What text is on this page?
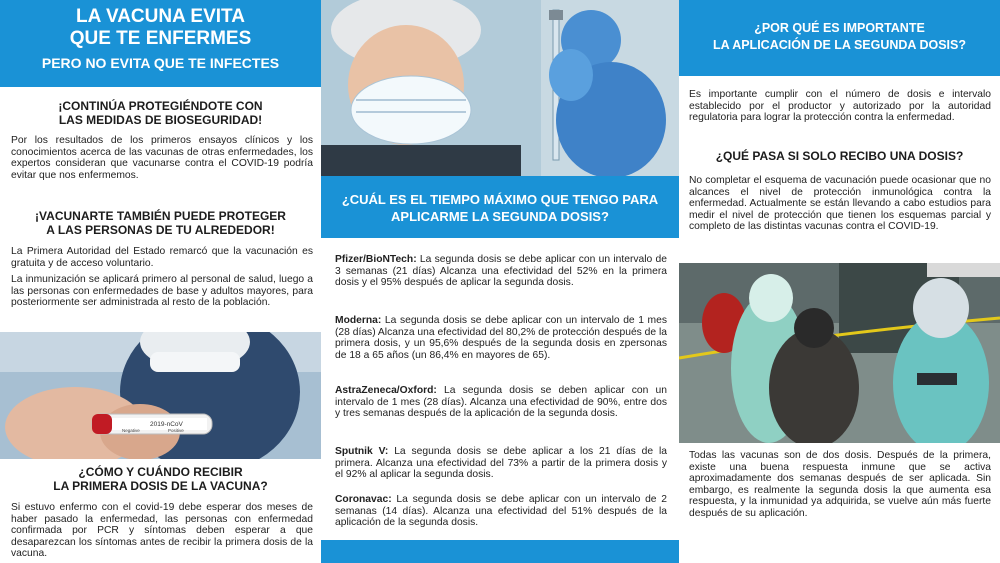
LA VACUNA EVITA
QUE TE ENFERMES
PERO NO EVITA QUE TE INFECTES
¡CONTINÚA PROTEGIÉNDOTE CON
LAS MEDIDAS DE BIOSEGURIDAD!
Por los resultados de los primeros ensayos clínicos y los conocimientos acerca de las vacunas de otras enfermedades, los expertos consideran que vacunarse contra el COVID-19 podría evitar que nos enfermemos.
¡VACUNARTE TAMBIÉN PUEDE PROTEGER
A LAS PERSONAS DE TU ALREDEDOR!
La Primera Autoridad del Estado remarcó que la vacunación es gratuita y de acceso voluntario.
La inmunización se aplicará primero al personal de salud, luego a las personas con enfermedades de base y adultos mayores, para posteriormente ser administrada al resto de la población.
2019-nCoV
Negative	Positive
¿CÓMO Y CUÁNDO RECIBIR
LA PRIMERA DOSIS DE LA VACUNA?
Si estuvo enfermo con el covid-19 debe esperar dos meses de haber pasado la enfermedad, las personas con enfermedad confirmada por PCR y síntomas deben esperar a que desaparezcan los síntomas antes de recibir la primera dosis de la vacuna.
¿CUÁL ES EL TIEMPO MÁXIMO QUE TENGO PARA
APLICARME LA SEGUNDA DOSIS?
Pfizer/BioNTech: La segunda dosis se debe aplicar con un intervalo de 3 semanas (21 días) Alcanza una efectividad del 52% en la primera dosis y el 95% después de aplicar la segunda dosis.
Moderna: La segunda dosis se debe aplicar con un intervalo de 1 mes (28 días) Alcanza una efectividad del 80,2% de protección después de la primera dosis, y un 95,6% después de la segunda dosis en zpersonas de 18 a 65 años (un 86,4% en mayores de 65).
AstraZeneca/Oxford: La segunda dosis se deben aplicar con un intervalo de 1 mes (28 días). Alcanza una efectividad de 90%, entre dos y tres semanas después de la aplicación de la segunda dosis.
Sputnik V: La segunda dosis se debe aplicar a los 21 días de la primera. Alcanza una efectividad del 73% a partir de la primera dosis y el 92% al aplicar la segunda dosis.
Coronavac: La segunda dosis se debe aplicar con un intervalo de 2 semanas (14 días). Alcanza una efectividad del 51% después de la aplicación de la segunda dosis.
¿POR QUÉ ES IMPORTANTE
LA APLICACIÓN DE LA SEGUNDA DOSIS?
Es importante cumplir con el número de dosis e intervalo establecido por el productor y autorizado por la autoridad regulatoria para lograr la protección contra la enfermedad.
¿QUÉ PASA SI SOLO RECIBO UNA DOSIS?
No completar el esquema de vacunación puede ocasionar que no alcances el nivel de protección inmunológica contra la enfermedad. Actualmente se están llevando a cabo estudios para medir el nivel de protección que tienen los esquemas parcial y completo de las distintas vacunas contra el COVID-19.
Todas las vacunas son de dos dosis. Después de la primera, existe una buena respuesta inmune que se activa aproximadamente dos semanas después de ser aplicada. Sin embargo, es realmente la segunda dosis la que aumenta esa respuesta, y la inmunidad ya adquirida, se vuelve aún más fuerte después de su aplicación.
